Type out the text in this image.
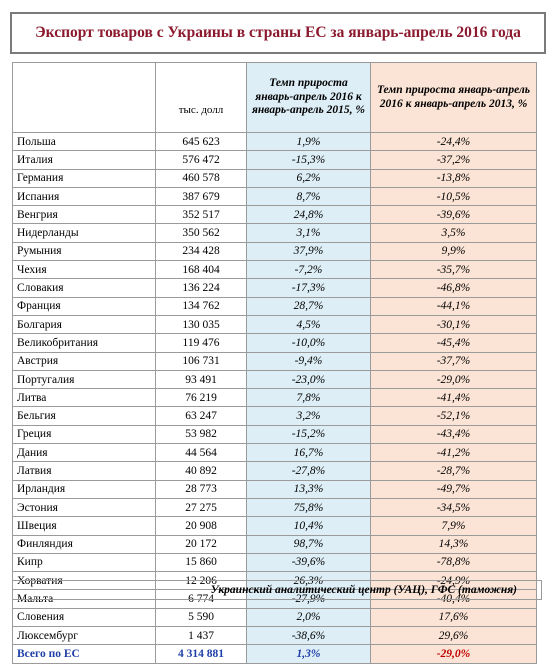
Экспорт товаров с Украины в страны ЕС за январь-апрель 2016 года
	тыс. долл	Темп прироста январь-апрель 2016 к январь-апрель 2015, %	Темп прироста январь-апрель 2016 к январь-апрель 2013, %
Польша	645 623	1,9%	-24,4%
Италия	576 472	-15,3%	-37,2%
Германия	460 578	6,2%	-13,8%
Испания	387 679	8,7%	-10,5%
Венгрия	352 517	24,8%	-39,6%
Нидерланды	350 562	3,1%	3,5%
Румыния	234 428	37,9%	9,9%
Чехия	168 404	-7,2%	-35,7%
Словакия	136 224	-17,3%	-46,8%
Франция	134 762	28,7%	-44,1%
Болгария	130 035	4,5%	-30,1%
Великобритания	119 476	-10,0%	-45,4%
Австрия	106 731	-9,4%	-37,7%
Португалия	93 491	-23,0%	-29,0%
Литва	76 219	7,8%	-41,4%
Бельгия	63 247	3,2%	-52,1%
Греция	53 982	-15,2%	-43,4%
Дания	44 564	16,7%	-41,2%
Латвия	40 892	-27,8%	-28,7%
Ирландия	28 773	13,3%	-49,7%
Эстония	27 275	75,8%	-34,5%
Швеция	20 908	10,4%	7,9%
Финляндия	20 172	98,7%	14,3%
Кипр	15 860	-39,6%	-78,8%
Хорватия	12 206	26,3%	-24,9%
Мальта	6 774	-27,9%	-40,4%
Словения	5 590	2,0%	17,6%
Люксембург	1 437	-38,6%	29,6%
Всего по ЕС	4 314 881	1,3%	-29,0%
Украинский аналитический центр (УАЦ), ГФС (таможня)
